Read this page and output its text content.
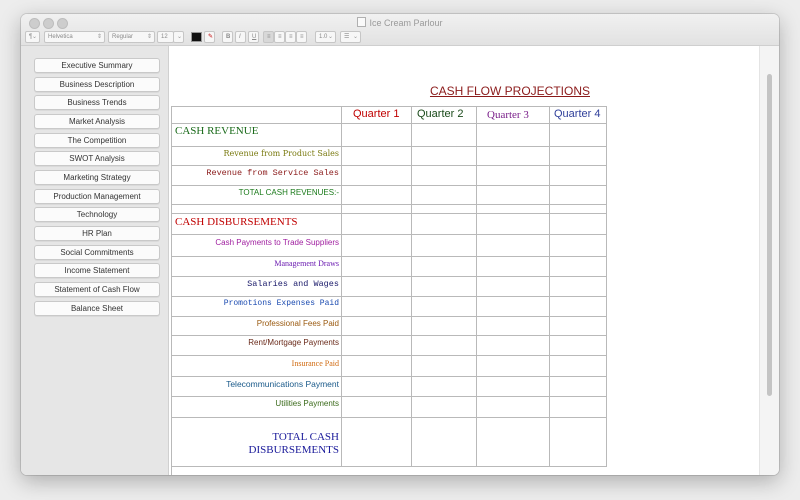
Ice Cream Parlour
¶ ⌄	Helvetica	⇕	Regular ⇕	12	⌄	✎	B	I	U	≡	≡	≡	≡	1.0 ⌄	☰ ⌄
Executive Summary
Business Description
Business Trends
Market Analysis
The Competition
SWOT Analysis
Marketing Strategy
Production Management
Technology
HR Plan
Social Commitments
Income Statement
Statement of Cash Flow
Balance Sheet
CASH FLOW PROJECTIONS
Quarter 1 Quarter 2 Quarter 3 Quarter 4
CASH REVENUE
Revenue from Product Sales
Revenue from Service Sales
TOTAL CASH REVENUES:-
CASH DISBURSEMENTS
Cash Payments to Trade Suppliers
Management Draws
Salaries and Wages
Promotions Expenses Paid
Professional Fees Paid
Rent/Mortgage Payments
Insurance Paid
Telecommunications Payment
Utilities Payments
TOTAL CASH
DISBURSEMENTS
